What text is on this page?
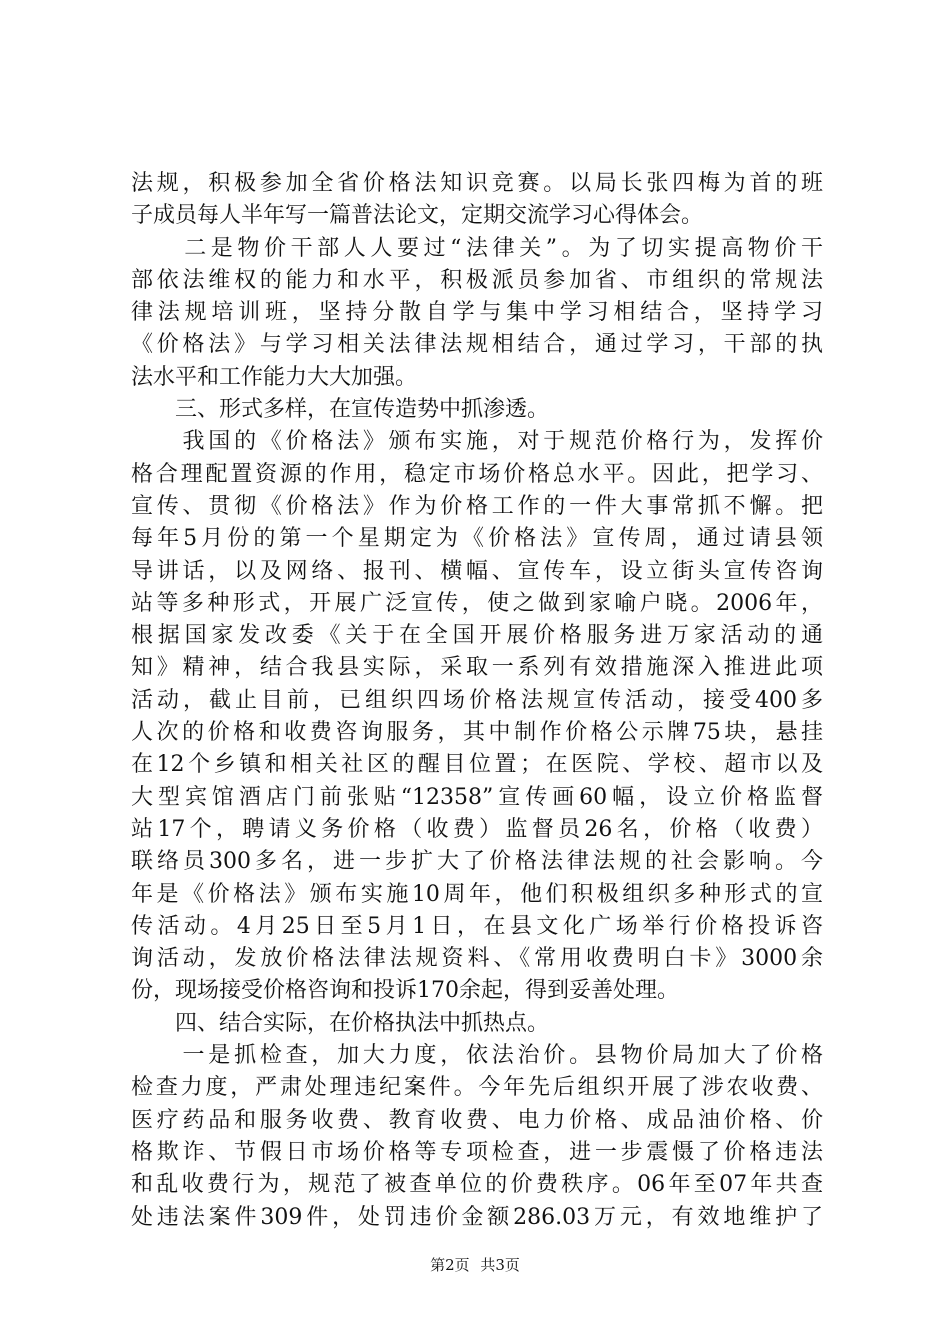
法规，积极参加全省价格法知识竞赛。以局长张四梅为首的班
子成员每人半年写一篇普法论文，定期交流学习心得体会。
　　二是物价干部人人要过“法律关”。为了切实提高物价干
部依法维权的能力和水平，积极派员参加省、市组织的常规法
律法规培训班，坚持分散自学与集中学习相结合，坚持学习
《价格法》与学习相关法律法规相结合，通过学习，干部的执
法水平和工作能力大大加强。
　　三、形式多样，在宣传造势中抓渗透。
　　我国的《价格法》颁布实施，对于规范价格行为，发挥价
格合理配置资源的作用，稳定市场价格总水平。因此，把学习、
宣传、贯彻《价格法》作为价格工作的一件大事常抓不懈。把
每年5月份的第一个星期定为《价格法》宣传周，通过请县领
导讲话，以及网络、报刊、横幅、宣传车，设立街头宣传咨询
站等多种形式，开展广泛宣传，使之做到家喻户晓。2006年，
根据国家发改委《关于在全国开展价格服务进万家活动的通
知》精神，结合我县实际，采取一系列有效措施深入推进此项
活动，截止目前，已组织四场价格法规宣传活动，接受400多
人次的价格和收费咨询服务，其中制作价格公示牌75块，悬挂
在12个乡镇和相关社区的醒目位置；在医院、学校、超市以及
大型宾馆酒店门前张贴“12358”宣传画60幅，设立价格监督
站17个，聘请义务价格（收费）监督员26名，价格（收费）
联络员300多名，进一步扩大了价格法律法规的社会影响。今
年是《价格法》颁布实施10周年，他们积极组织多种形式的宣
传活动。4月25日至5月1日，在县文化广场举行价格投诉咨
询活动，发放价格法律法规资料、《常用收费明白卡》3000余
份，现场接受价格咨询和投诉170余起，得到妥善处理。
　　四、结合实际，在价格执法中抓热点。
　　一是抓检查，加大力度，依法治价。县物价局加大了价格
检查力度，严肃处理违纪案件。今年先后组织开展了涉农收费、
医疗药品和服务收费、教育收费、电力价格、成品油价格、价
格欺诈、节假日市场价格等专项检查，进一步震慑了价格违法
和乱收费行为，规范了被查单位的价费秩序。06年至07年共查
处违法案件309件，处罚违价金额286.03万元，有效地维护了
第2页 共3页
